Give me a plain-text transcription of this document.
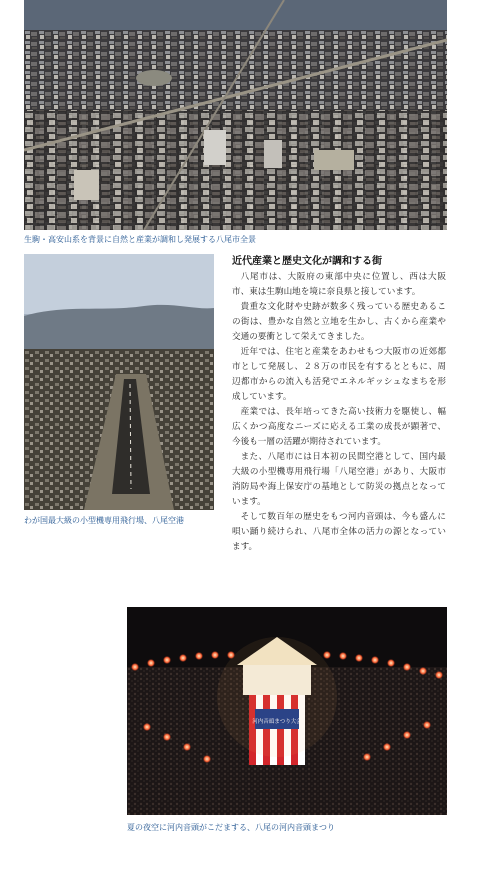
生駒・高安山系を背景に自然と産業が調和し発展する八尾市全景
わが国最大級の小型機専用飛行場、八尾空港
近代産業と歴史文化が調和する街

八尾市は、大阪府の東部中央に位置し、西は大阪市、東は生駒山地を境に奈良県と接しています。

貴重な文化財や史跡が数多く残っている歴史あるこの街は、豊かな自然と立地を生かし、古くから産業や交通の要衝として栄えてきました。

近年では、住宅と産業をあわせもつ大阪市の近郊都市として発展し、２８万の市民を有するとともに、周辺都市からの流入も活発でエネルギッシュなまちを形成しています。

産業では、長年培ってきた高い技術力を駆使し、幅広くかつ高度なニーズに応える工業の成長が顕著で、今後も一層の活躍が期待されています。

また、八尾市には日本初の民間空港として、国内最大級の小型機専用飛行場「八尾空港」があり、大阪市消防局や海上保安庁の基地として防災の拠点となっています。

そして数百年の歴史をもつ河内音頭は、今も盛んに唄い踊り続けられ、八尾市全体の活力の源となっています。

河内音頭まつり大会
夏の夜空に河内音頭がこだまする、八尾の河内音頭まつり
